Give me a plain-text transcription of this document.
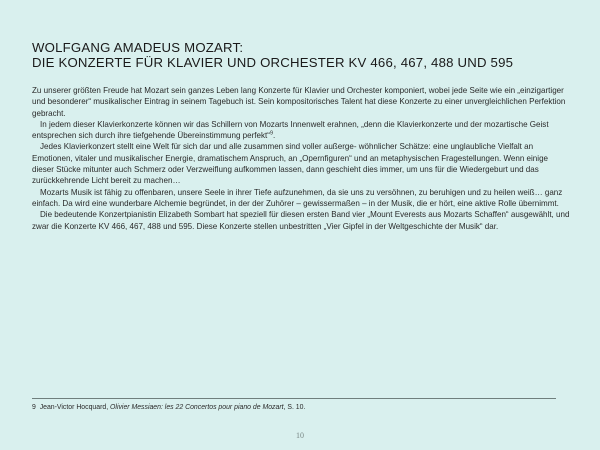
WOLFGANG AMADEUS MOZART:
DIE KONZERTE FÜR KLAVIER UND ORCHESTER KV 466, 467, 488 UND 595

Zu unserer größten Freude hat Mozart sein ganzes Leben lang Konzerte für Klavier und Orchester komponiert, wobei jede Seite wie ein „einzigartiger und besonderer“ musikalischer Eintrag in seinem Tagebuch ist. Sein kompositorisches Talent hat diese Konzerte zu einer unvergleichlichen Perfektion gebracht.

In jedem dieser Klavierkonzerte können wir das Schillern von Mozarts Innenwelt erahnen, „denn die Klavierkonzerte und der mozartische Geist entsprechen sich durch ihre tiefgehende Übereinstimmung perfekt“$^9$.

Jedes Klavierkonzert stellt eine Welt für sich dar und alle zusammen sind voller außerge- wöhnlicher Schätze: eine unglaubliche Vielfalt an Emotionen, vitaler und musikalischer Energie, dramatischem Anspruch, an „Opernfiguren“ und an metaphysischen Fragestellungen. Wenn einige dieser Stücke mitunter auch Schmerz oder Verzweiflung aufkommen lassen, dann geschieht dies immer, um uns für die Wiedergeburt und das zurückkehrende Licht bereit zu machen…

Mozarts Musik ist fähig zu offenbaren, unsere Seele in ihrer Tiefe aufzunehmen, da sie uns zu versöhnen, zu beruhigen und zu heilen weiß… ganz einfach. Da wird eine wunderbare Alchemie begründet, in der der Zuhörer – gewissermaßen – in der Musik, die er hört, eine aktive Rolle übernimmt.

Die bedeutende Konzertpianistin Elizabeth Sombart hat speziell für diesen ersten Band vier „Mount Everests aus Mozarts Schaffen“ ausgewählt, und zwar die Konzerte KV 466, 467, 488 und 595. Diese Konzerte stellen unbestritten „Vier Gipfel in der Weltgeschichte der Musik“ dar.

9 Jean-Victor Hocquard, Olivier Messiaen: les 22 Concertos pour piano de Mozart, S. 10.
10
